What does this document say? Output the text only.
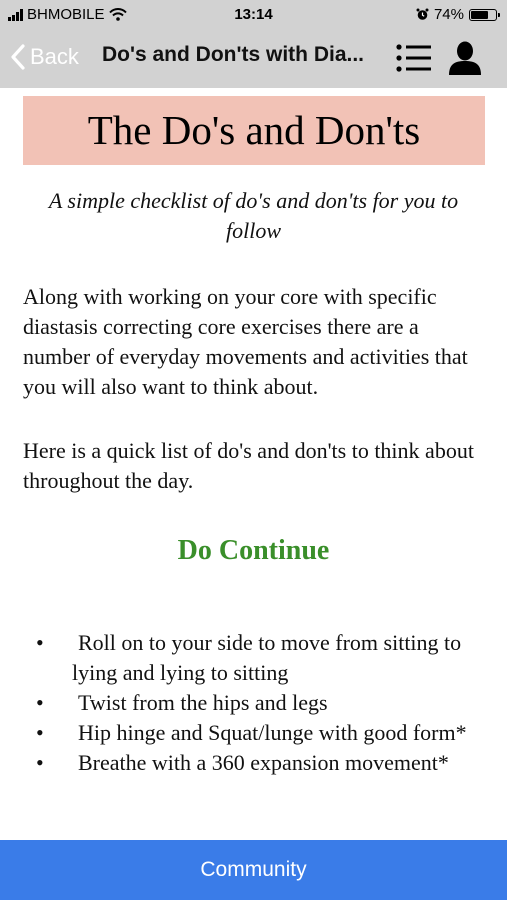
BHMOBILE	13:14	74%
Back Do's and Don'ts with Dia...
The Do's and Don'ts
A simple checklist of do's and don'ts for you to follow
Along with working on your core with specific diastasis correcting core exercises there are a number of everyday movements and activities that you will also want to think about.
Here is a quick list of do's and don'ts to think about throughout the day.
Do Continue
• Roll on to your side to move from sitting to lying and lying to sitting
• Twist from the hips and legs
• Hip hinge and Squat/lunge with good form*
• Breathe with a 360 expansion movement*
Community
